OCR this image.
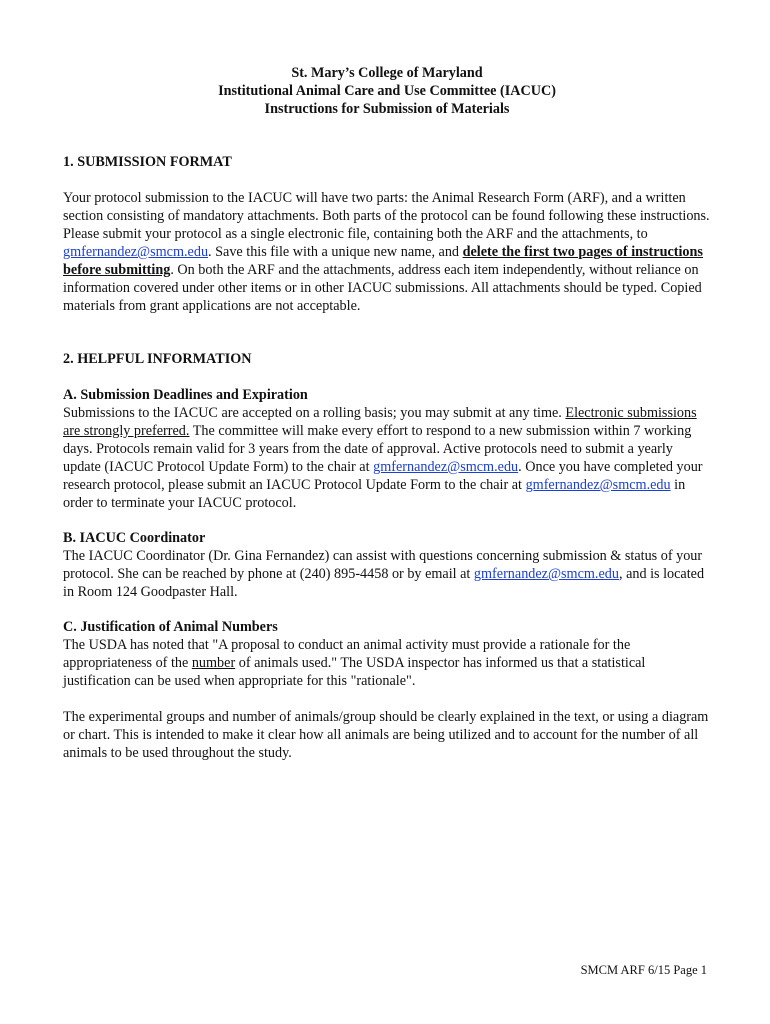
St. Mary’s College of Maryland
Institutional Animal Care and Use Committee (IACUC)
Instructions for Submission of Materials
1. SUBMISSION FORMAT

Your protocol submission to the IACUC will have two parts: the Animal Research Form (ARF), and a written section consisting of mandatory attachments. Both parts of the protocol can be found following these instructions. Please submit your protocol as a single electronic file, containing both the ARF and the attachments, to gmfernandez@smcm.edu. Save this file with a unique new name, and delete the first two pages of instructions before submitting. On both the ARF and the attachments, address each item independently, without reliance on information covered under other items or in other IACUC submissions. All attachments should be typed. Copied materials from grant applications are not acceptable.

2. HELPFUL INFORMATION
A. Submission Deadlines and Expiration

Submissions to the IACUC are accepted on a rolling basis; you may submit at any time. Electronic submissions are strongly preferred. The committee will make every effort to respond to a new submission within 7 working days. Protocols remain valid for 3 years from the date of approval. Active protocols need to submit a yearly update (IACUC Protocol Update Form) to the chair at gmfernandez@smcm.edu. Once you have completed your research protocol, please submit an IACUC Protocol Update Form to the chair at gmfernandez@smcm.edu in order to terminate your IACUC protocol.

B. IACUC Coordinator

The IACUC Coordinator (Dr. Gina Fernandez) can assist with questions concerning submission & status of your protocol. She can be reached by phone at (240) 895-4458 or by email at gmfernandez@smcm.edu, and is located in Room 124 Goodpaster Hall.

C. Justification of Animal Numbers

The USDA has noted that "A proposal to conduct an animal activity must provide a rationale for the appropriateness of the number of animals used." The USDA inspector has informed us that a statistical justification can be used when appropriate for this "rationale".

The experimental groups and number of animals/group should be clearly explained in the text, or using a diagram or chart. This is intended to make it clear how all animals are being utilized and to account for the number of all animals to be used throughout the study.

SMCM ARF 6/15 Page 1
